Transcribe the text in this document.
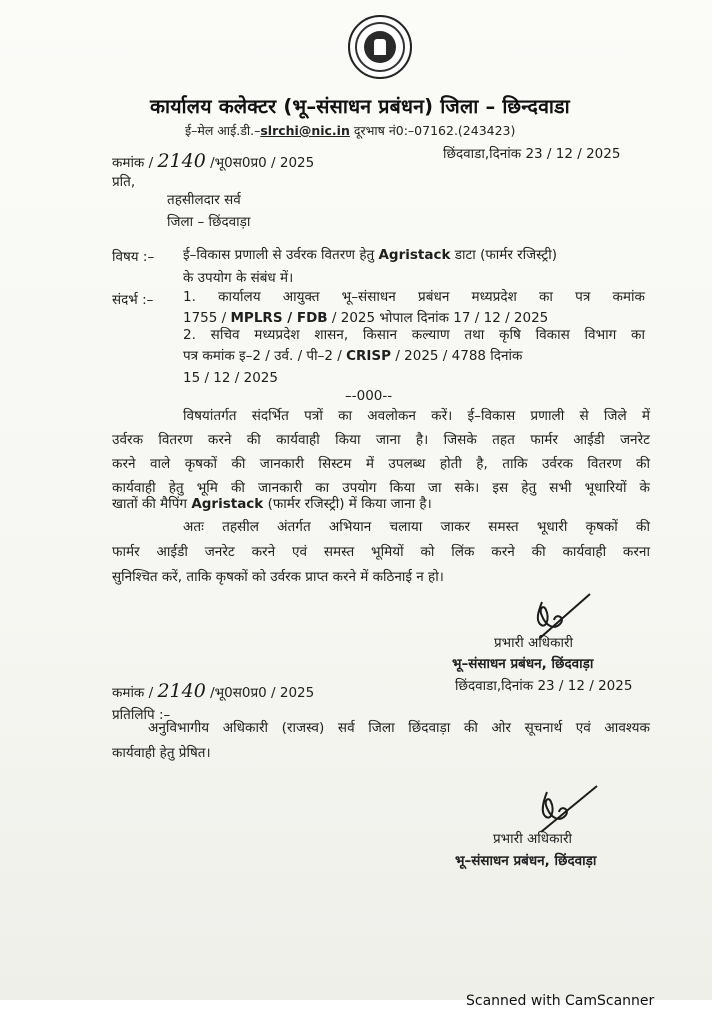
कार्यालय कलेक्टर (भू–संसाधन प्रबंधन) जिला – छिन्दवाडा
ई–मेल आई.डी.–slrchi@nic.in दूरभाष नं0:–07162.(243423)
कमांक / 2140 /भू0स0प्र0 / 2025
छिंदवाडा,दिनांक 23 / 12 / 2025
प्रति,
तहसीलदार सर्व
जिला – छिंदवाड़ा
विषय :– ई–विकास प्रणाली से उर्वरक वितरण हेतु Agristack डाटा (फार्मर रजिस्ट्री)
के उपयोग के संबंध में।
संदर्भ :– 1. कार्यालय आयुक्त भू–संसाधन प्रबंधन मध्यप्रदेश का पत्र कमांक
1755 / MPLRS / FDB / 2025 भोपाल दिनांक 17 / 12 / 2025
2. सचिव मध्यप्रदेश शासन, किसान कल्याण तथा कृषि विकास विभाग का
पत्र कमांक इ–2 / उर्व. / पी–2 / CRISP / 2025 / 4788 दिनांक
15 / 12 / 2025
–-000--
विषयांतर्गत संदर्भित पत्रों का अवलोकन करें। ई–विकास प्रणाली से जिले में
उर्वरक वितरण करने की कार्यवाही किया जाना है। जिसके तहत फार्मर आईडी जनरेट
करने वाले कृषकों की जानकारी सिस्टम में उपलब्ध होती है, ताकि उर्वरक वितरण की
कार्यवाही हेतु भूमि की जानकारी का उपयोग किया जा सके। इस हेतु सभी भूधारियों के
खातों की मैपिंग Agristack (फार्मर रजिस्ट्री) में किया जाना है।
अतः तहसील अंतर्गत अभियान चलाया जाकर समस्त भूधारी कृषकों की
फार्मर आईडी जनरेट करने एवं समस्त भूमियों को लिंक करने की कार्यवाही करना
सुनिश्चित करें, ताकि कृषकों को उर्वरक प्राप्त करने में कठिनाई न हो।
प्रभारी अधिकारी
भू–संसाधन प्रबंधन, छिंदवाड़ा
छिंदवाडा,दिनांक 23 / 12 / 2025
कमांक / 2140 /भू0स0प्र0 / 2025
प्रतिलिपि :–
अनुविभागीय अधिकारी (राजस्व) सर्व जिला छिंदवाड़ा की ओर सूचनार्थ एवं आवश्यक
कार्यवाही हेतु प्रेषित।
प्रभारी अधिकारी
भू–संसाधन प्रबंधन, छिंदवाड़ा
Scanned with CamScanner
